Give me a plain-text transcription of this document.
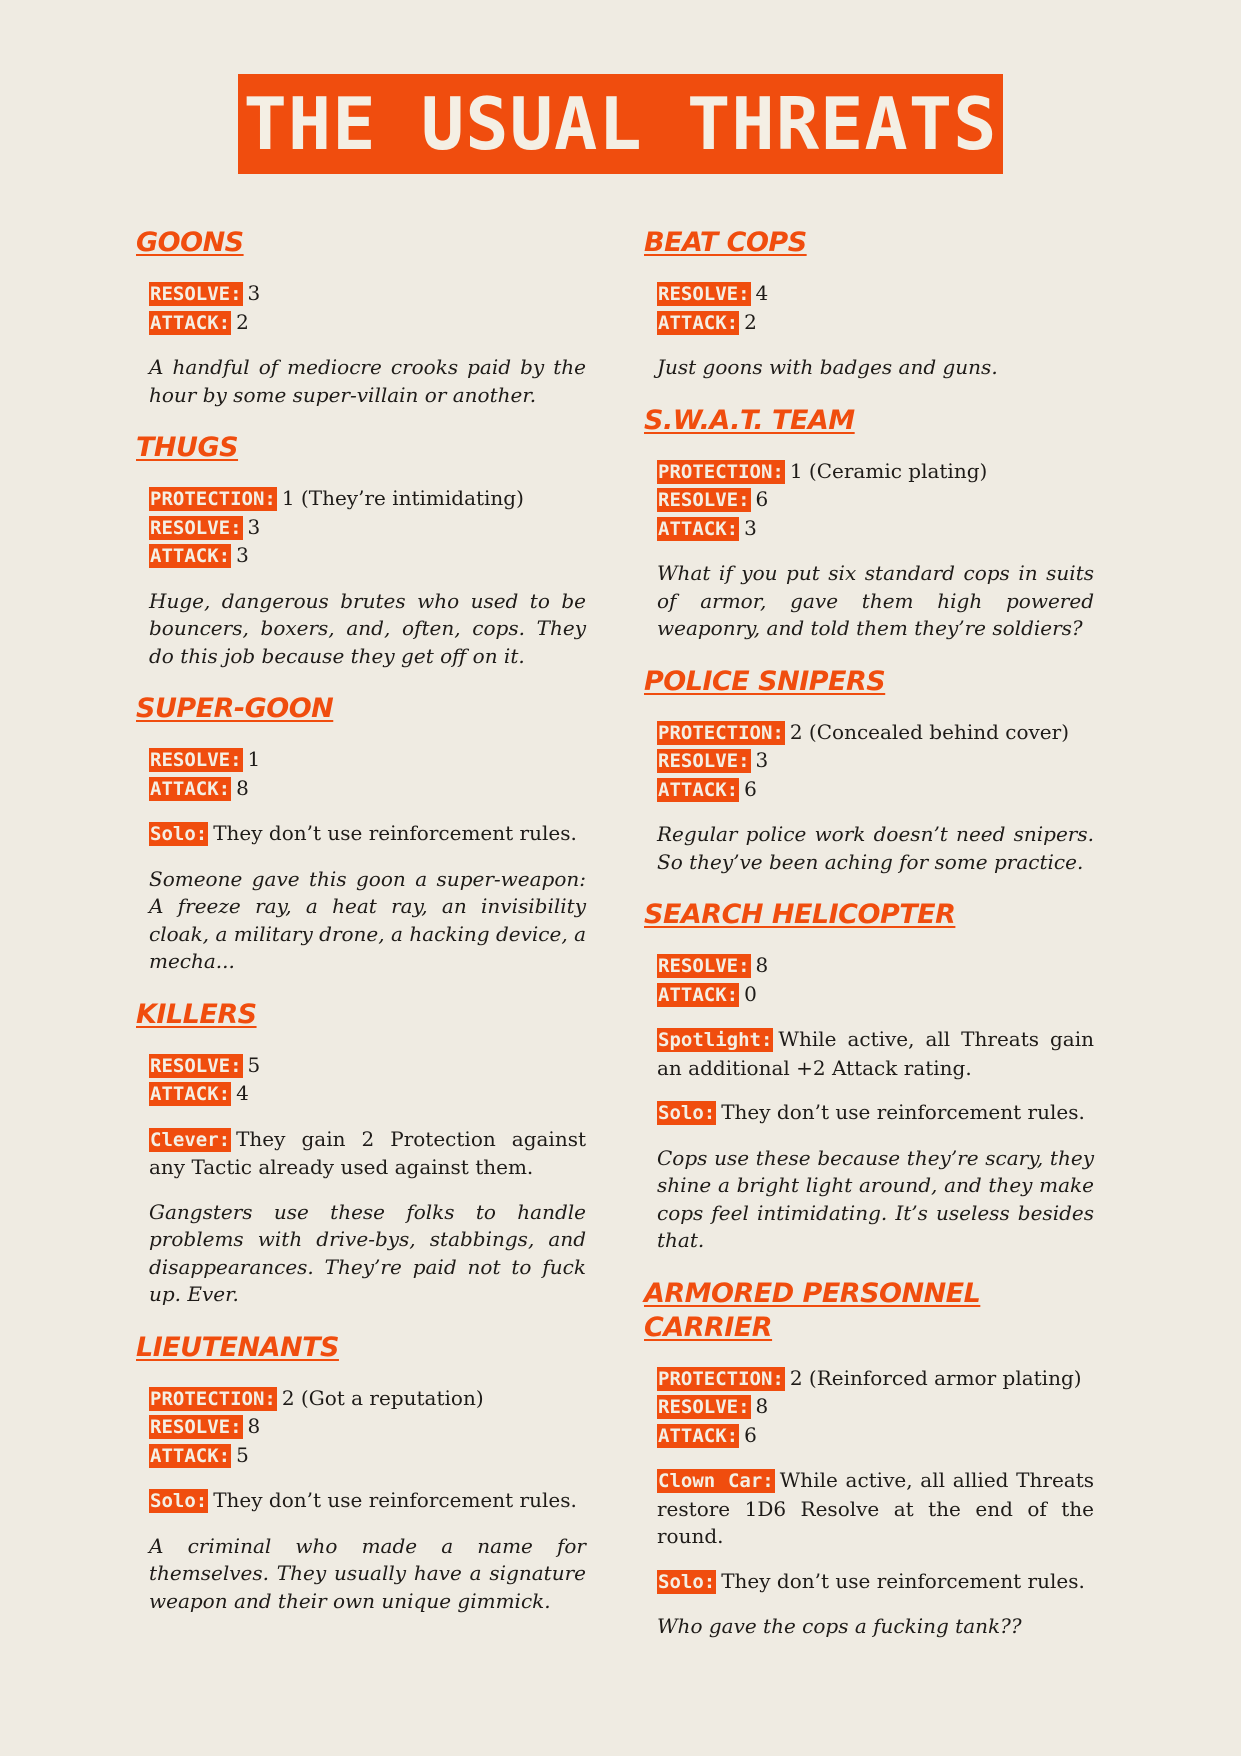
THE USUAL THREATS
GOONS
RESOLVE: 3
ATTACK: 2
A handful of mediocre crooks paid by the hour by some super-villain or another.
THUGS
PROTECTION: 1 (They’re intimidating)
RESOLVE: 3
ATTACK: 3
Huge, dangerous brutes who used to be bouncers, boxers, and, often, cops. They do this job because they get off on it.
SUPER-GOON
RESOLVE: 1
ATTACK: 8
Solo: They don’t use reinforcement rules.
Someone gave this goon a super-weapon: A freeze ray, a heat ray, an invisibility cloak, a military drone, a hacking device, a mecha...
KILLERS
RESOLVE: 5
ATTACK: 4
Clever: They gain 2 Protection against any Tactic already used against them.
Gangsters use these folks to handle problems with drive-bys, stabbings, and disappearances. They’re paid not to fuck up. Ever.
LIEUTENANTS
PROTECTION: 2 (Got a reputation)
RESOLVE: 8
ATTACK: 5
Solo: They don’t use reinforcement rules.
A criminal who made a name for themselves. They usually have a signature weapon and their own unique gimmick.
BEAT COPS
RESOLVE: 4
ATTACK: 2
Just goons with badges and guns.
S.W.A.T. TEAM
PROTECTION: 1 (Ceramic plating)
RESOLVE: 6
ATTACK: 3
What if you put six standard cops in suits of armor, gave them high powered weaponry, and told them they’re soldiers?
POLICE SNIPERS
PROTECTION: 2 (Concealed behind cover)
RESOLVE: 3
ATTACK: 6
Regular police work doesn’t need snipers. So they’ve been aching for some practice.
SEARCH HELICOPTER
RESOLVE: 8
ATTACK: 0
Spotlight: While active, all Threats gain an additional +2 Attack rating.
Solo: They don’t use reinforcement rules.
Cops use these because they’re scary, they shine a bright light around, and they make cops feel intimidating. It’s useless besides that.
ARMORED PERSONNEL CARRIER
PROTECTION: 2 (Reinforced armor plating)
RESOLVE: 8
ATTACK: 6
Clown Car: While active, all allied Threats restore 1D6 Resolve at the end of the round.
Solo: They don’t use reinforcement rules.
Who gave the cops a fucking tank??
